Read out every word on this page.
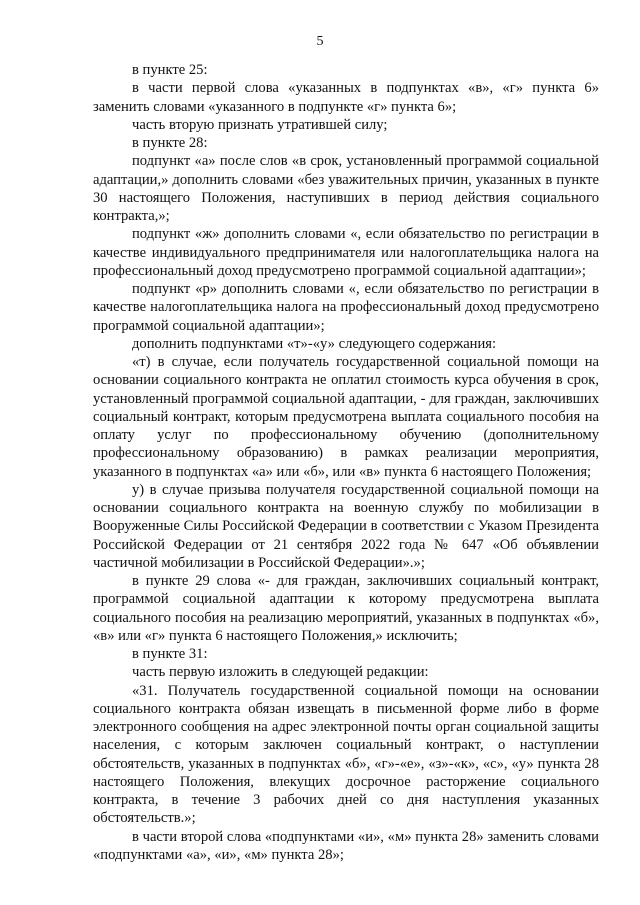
5

в пункте 25:

в части первой слова «указанных в подпунктах «в», «г» пункта 6» заменить словами «указанного в подпункте «г» пункта 6»;

часть вторую признать утратившей силу;

в пункте 28:

подпункт «а» после слов «в срок, установленный программой социальной адаптации,» дополнить словами «без уважительных причин, указанных в пункте 30 настоящего Положения, наступивших в период действия социального контракта,»;

подпункт «ж» дополнить словами «, если обязательство по регистрации в качестве индивидуального предпринимателя или налогоплательщика налога на профессиональный доход предусмотрено программой социальной адаптации»;

подпункт «р» дополнить словами «, если обязательство по регистрации в качестве налогоплательщика налога на профессиональный доход предусмотрено программой социальной адаптации»;

дополнить подпунктами «т»-«у» следующего содержания:

«т) в случае, если получатель государственной социальной помощи на основании социального контракта не оплатил стоимость курса обучения в срок, установленный программой социальной адаптации, - для граждан, заключивших социальный контракт, которым предусмотрена выплата социального пособия на оплату услуг по профессиональному обучению (дополнительному профессиональному образованию) в рамках реализации мероприятия, указанного в подпунктах «а» или «б», или «в» пункта 6 настоящего Положения;

у) в случае призыва получателя государственной социальной помощи на основании социального контракта на военную службу по мобилизации в Вооруженные Силы Российской Федерации в соответствии с Указом Президента Российской Федерации от 21 сентября 2022 года № 647 «Об объявлении частичной мобилизации в Российской Федерации».»;

в пункте 29 слова «- для граждан, заключивших социальный контракт, программой социальной адаптации к которому предусмотрена выплата социального пособия на реализацию мероприятий, указанных в подпунктах «б», «в» или «г» пункта 6 настоящего Положения,» исключить;

в пункте 31:

часть первую изложить в следующей редакции:

«31. Получатель государственной социальной помощи на основании социального контракта обязан извещать в письменной форме либо в форме электронного сообщения на адрес электронной почты орган социальной защиты населения, с которым заключен социальный контракт, о наступлении обстоятельств, указанных в подпунктах «б», «г»-«е», «з»-«к», «с», «у» пункта 28 настоящего Положения, влекущих досрочное расторжение социального контракта, в течение 3 рабочих дней со дня наступления указанных обстоятельств.»;

в части второй слова «подпунктами «и», «м» пункта 28» заменить словами «подпунктами «а», «и», «м» пункта 28»;
